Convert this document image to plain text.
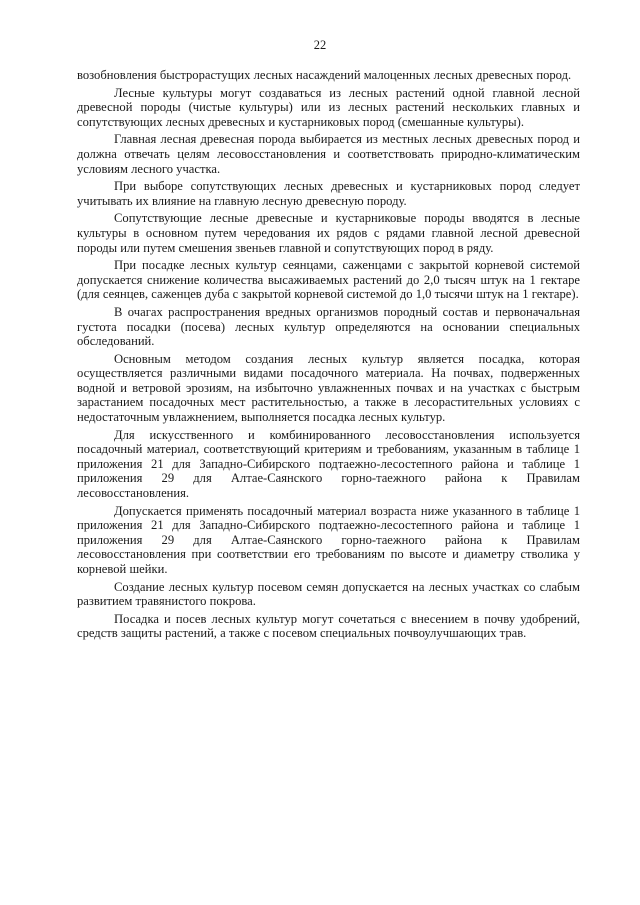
22

возобновления быстрорастущих лесных насаждений малоценных лесных древесных пород.

Лесные культуры могут создаваться из лесных растений одной главной лесной древесной породы (чистые культуры) или из лесных растений нескольких главных и сопутствующих лесных древесных и кустарниковых пород (смешанные культуры).

Главная лесная древесная порода выбирается из местных лесных древесных пород и должна отвечать целям лесовосстановления и соответствовать природно-климатическим условиям лесного участка.

При выборе сопутствующих лесных древесных и кустарниковых пород следует учитывать их влияние на главную лесную древесную породу.

Сопутствующие лесные древесные и кустарниковые породы вводятся в лесные культуры в основном путем чередования их рядов с рядами главной лесной древесной породы или путем смешения звеньев главной и сопутствующих пород в ряду.

При посадке лесных культур сеянцами, саженцами с закрытой корневой системой допускается снижение количества высаживаемых растений до 2,0 тысяч штук на 1 гектаре (для сеянцев, саженцев дуба с закрытой корневой системой до 1,0 тысячи штук на 1 гектаре).

В очагах распространения вредных организмов породный состав и первоначальная густота посадки (посева) лесных культур определяются на основании специальных обследований.

Основным методом создания лесных культур является посадка, которая осуществляется различными видами посадочного материала. На почвах, подверженных водной и ветровой эрозиям, на избыточно увлажненных почвах и на участках с быстрым зарастанием посадочных мест растительностью, а также в лесорастительных условиях с недостаточным увлажнением, выполняется посадка лесных культур.

Для искусственного и комбинированного лесовосстановления используется посадочный материал, соответствующий критериям и требованиям, указанным в таблице 1 приложения 21 для Западно-Сибирского подтаежно-лесостепного района и таблице 1 приложения 29 для Алтае-Саянского горно-таежного района к Правилам лесовосстановления.

Допускается применять посадочный материал возраста ниже указанного в таблице 1 приложения 21 для Западно-Сибирского подтаежно-лесостепного района и таблице 1 приложения 29 для Алтае-Саянского горно-таежного района к Правилам лесовосстановления при соответствии его требованиям по высоте и диаметру стволика у корневой шейки.

Создание лесных культур посевом семян допускается на лесных участках со слабым развитием травянистого покрова.

Посадка и посев лесных культур могут сочетаться с внесением в почву удобрений, средств защиты растений, а также с посевом специальных почвоулучшающих трав.
